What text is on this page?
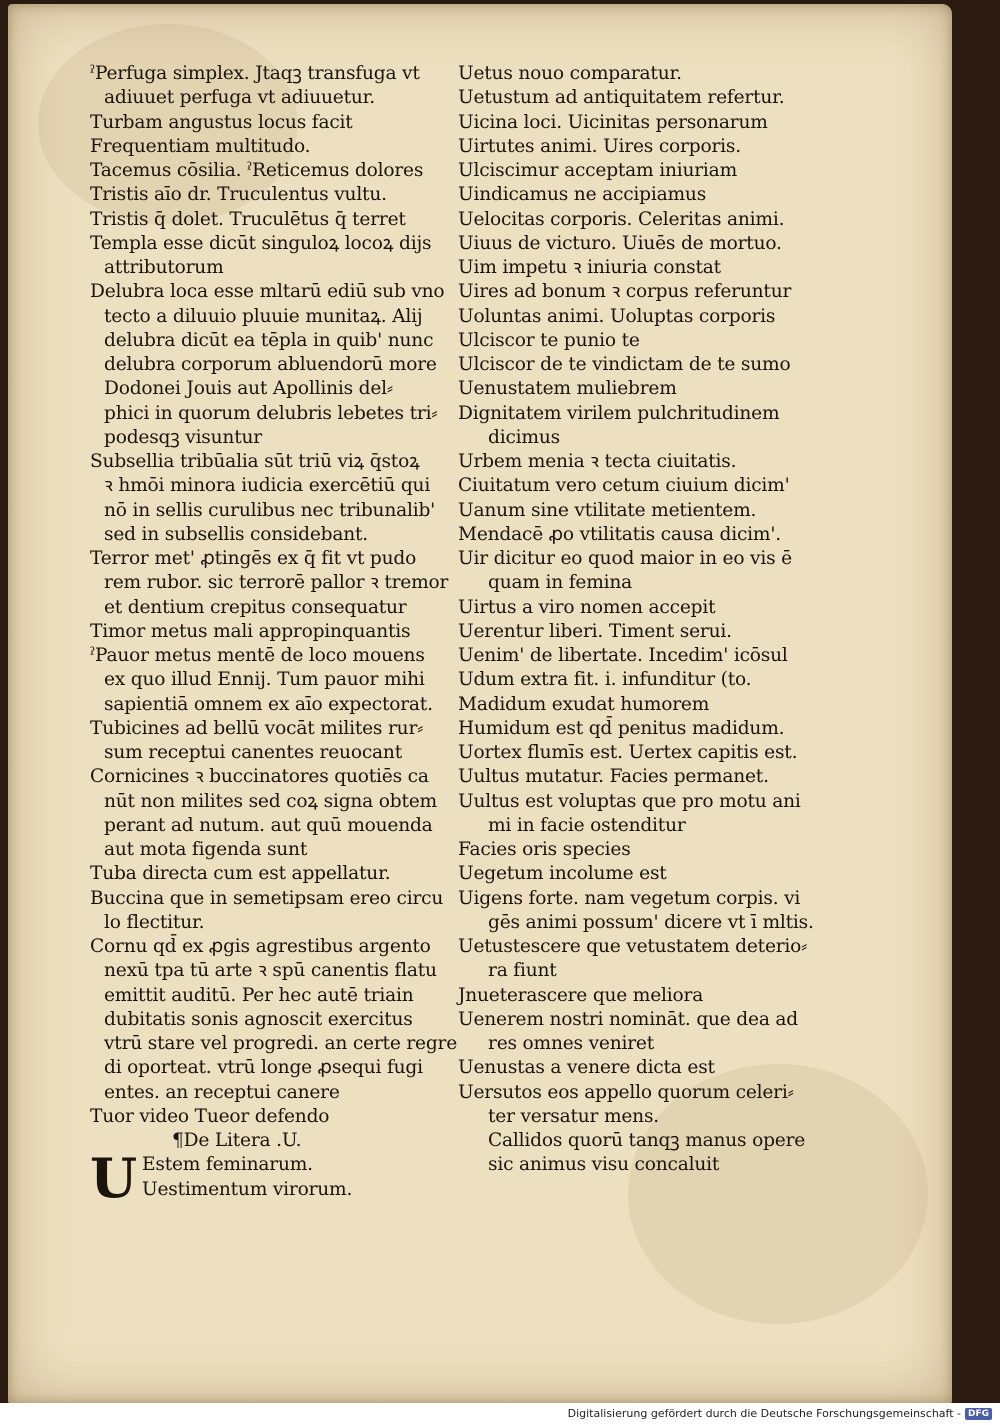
ˀPerfuga simplex. Jtaqꝫ transfuga vt
adiuuet perfuga vt adiuuetur.
Turbam angustus locus facit
Frequentiam multitudo.
Tacemus cōsilia. ˀReticemus dolores
Tristis aīo dr. Truculentus vultu.
Tristis q̄ dolet. Truculētus q̄ terret
Templa esse dicūt singuloꝝ locoꝝ dijs
attributorum
Delubra loca esse mltarū ediū sub vno
tecto a diluuio pluuie munitaꝝ. Alij
delubra dicūt ea tēpla in quib' nunc
delubra corporum abluendorū more
Dodonei Jouis aut Apollinis del⸗
phici in quorum delubris lebetes tri⸗
podesqꝫ visuntur
Subsellia tribūalia sūt triū viꝝ q̄stoꝝ
ꝛ hmōi minora iudicia exercētiū qui
nō in sellis curulibus nec tribunalib'
sed in subsellis considebant.
Terror met' ꝓtingēs ex q̄ fit vt pudo
rem rubor. sic terrorē pallor ꝛ tremor
et dentium crepitus consequatur
Timor metus mali appropinquantis
ˀPauor metus mentē de loco mouens
ex quo illud Ennij. Tum pauor mihi
sapientiā omnem ex aīo expectorat.
Tubicines ad bellū vocāt milites rur⸗
sum receptui canentes reuocant
Cornicines ꝛ buccinatores quotiēs ca
nūt non milites sed coꝝ signa obtem
perant ad nutum. aut quū mouenda
aut mota figenda sunt
Tuba directa cum est appellatur.
Buccina que in semetipsam ereo circu
lo flectitur.
Cornu qd̄ ex ꝓgis agrestibus argento
nexū tpa tū arte ꝛ spū canentis flatu
emittit auditū. Per hec autē triain
dubitatis sonis agnoscit exercitus
vtrū stare vel progredi. an certe regre
di oporteat. vtrū longe ꝓsequi fugi
entes. an receptui canere
Tuor video Tueor defendo
¶De Litera .U.
U Estem feminarum.
Uestimentum virorum.
Uetus nouo comparatur.
Uetustum ad antiquitatem refertur.
Uicina loci. Uicinitas personarum
Uirtutes animi. Uires corporis.
Ulciscimur acceptam iniuriam
Uindicamus ne accipiamus
Uelocitas corporis. Celeritas animi.
Uiuus de victuro. Uiuēs de mortuo.
Uim impetu ꝛ iniuria constat
Uires ad bonum ꝛ corpus referuntur
Uoluntas animi. Uoluptas corporis
Ulciscor te punio te
Ulciscor de te vindictam de te sumo
Uenustatem muliebrem
Dignitatem virilem pulchritudinem
dicimus
Urbem menia ꝛ tecta ciuitatis.
Ciuitatum vero cetum ciuium dicim'
Uanum sine vtilitate metientem.
Mendacē ꝓo vtilitatis causa dicim'.
Uir dicitur eo quod maior in eo vis ē
quam in femina
Uirtus a viro nomen accepit
Uerentur liberi. Timent serui.
Uenim' de libertate. Incedim' icōsul
Udum extra fit. i. infunditur (to.
Madidum exudat humorem
Humidum est qd̄ penitus madidum.
Uortex flumīs est. Uertex capitis est.
Uultus mutatur. Facies permanet.
Uultus est voluptas que pro motu ani
mi in facie ostenditur
Facies oris species
Uegetum incolume est
Uigens forte. nam vegetum corpis. vi
gēs animi possum' dicere vt ī mltis.
Uetustescere que vetustatem deterio⸗
ra fiunt
Jnueterascere que meliora
Uenerem nostri nomināt. que dea ad
res omnes veniret
Uenustas a venere dicta est
Uersutos eos appello quorum celeri⸗
ter versatur mens.
Callidos quorū tanqꝫ manus opere
sic animus visu concaluit
Digitalisierung gefördert durch die Deutsche Forschungsgemeinschaft - DFG
